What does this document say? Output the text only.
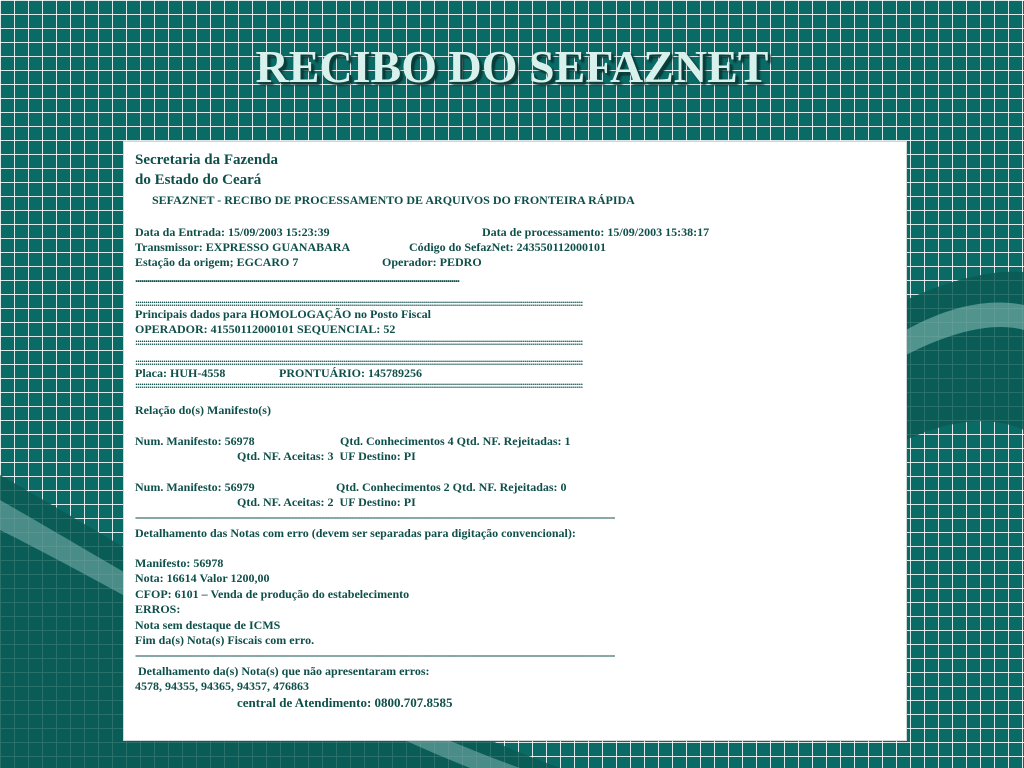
RECIBO DO SEFAZNET
Secretaria da Fazenda
do Estado do Ceará
SEFAZNET - RECIBO DE PROCESSAMENTO DE ARQUIVOS DO FRONTEIRA RÁPIDA
Data da Entrada: 15/09/2003 15:23:39	Data de processamento: 15/09/2003 15:38:17
Transmissor: EXPRESSO GUANABARA	Código do SefazNet: 243550112000101
Estação da origem; EGCARO 7	Operador: PEDRO
..................................................................................................................................................................
::::::::::::::::::::::::::::::::::::::::::::::::::::::::::::::::::::::::::::::::::::::::::::::::::::::::::::::::::::::::::::::::::::::::::::::::::::::::::::::::::::::::::::::::::::::::::::::::::::::::::::::::::::::::::::::::
Principais dados para HOMOLOGAÇÃO no Posto Fiscal
OPERADOR: 41550112000101 SEQUENCIAL: 52
::::::::::::::::::::::::::::::::::::::::::::::::::::::::::::::::::::::::::::::::::::::::::::::::::::::::::::::::::::::::::::::::::::::::::::::::::::::::::::::::::::::::::::::::::::::::::::::::::::::::::::::::::::::::::::::::
::::::::::::::::::::::::::::::::::::::::::::::::::::::::::::::::::::::::::::::::::::::::::::::::::::::::::::::::::::::::::::::::::::::::::::::::::::::::::::::::::::::::::::::::::::::::::::::::::::::::::::::::::::::::::::::::
Placa: HUH-4558	PRONTUÁRIO: 145789256
::::::::::::::::::::::::::::::::::::::::::::::::::::::::::::::::::::::::::::::::::::::::::::::::::::::::::::::::::::::::::::::::::::::::::::::::::::::::::::::::::::::::::::::::::::::::::::::::::::::::::::::::::::::::::::::::
Relação do(s) Manifesto(s)
Num. Manifesto: 56978	Qtd. Conhecimentos 4 Qtd. NF. Rejeitadas: 1
Qtd. NF. Aceitas: 3  UF Destino: PI
Num. Manifesto: 56979	Qtd. Conhecimentos 2 Qtd. NF. Rejeitadas: 0
Qtd. NF. Aceitas: 2  UF Destino: PI
----------------------------------------------------------------------------------------------------------------------------------------------------------------
Detalhamento das Notas com erro (devem ser separadas para digitação convencional):
Manifesto: 56978
Nota: 16614 Valor 1200,00
CFOP: 6101 – Venda de produção do estabelecimento
ERROS:
Nota sem destaque de ICMS
Fim da(s) Nota(s) Fiscais com erro.
----------------------------------------------------------------------------------------------------------------------------------------------------------------
Detalhamento da(s) Nota(s) que não apresentaram erros:
4578, 94355, 94365, 94357, 476863
central de Atendimento: 0800.707.8585
